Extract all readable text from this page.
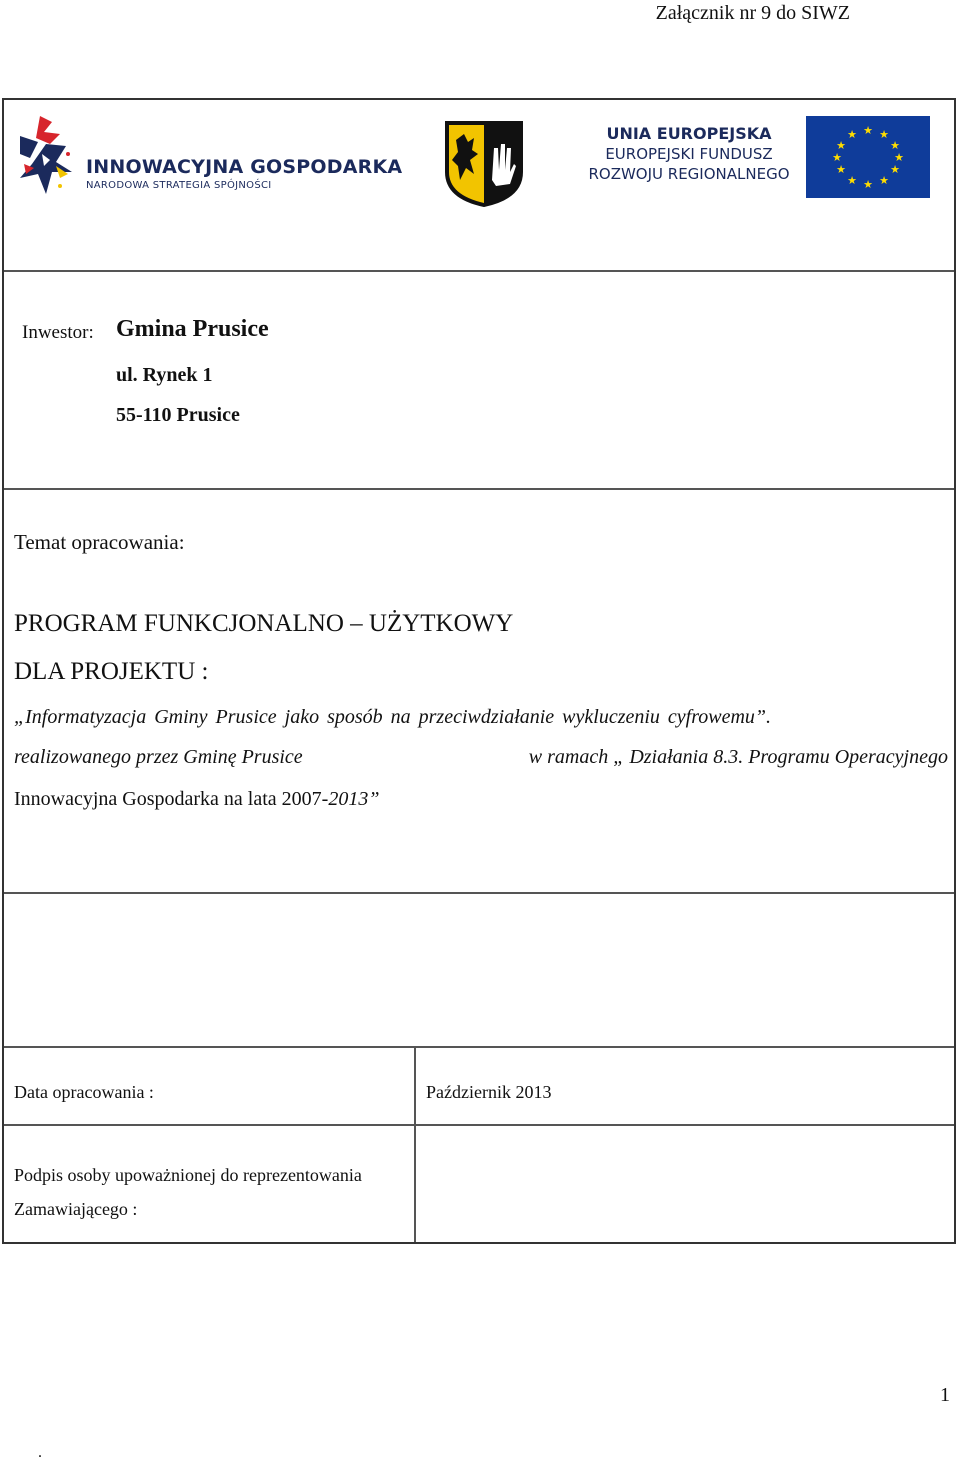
Załącznik nr 9 do SIWZ
INNOWACYJNA GOSPODARKA
NARODOWA STRATEGIA SPÓJNOŚCI
UNIA EUROPEJSKA
EUROPEJSKI FUNDUSZ
ROZWOJU REGIONALNEGO
★ ★
★
★
★
★
★
★
★
★
★
★
Inwestor: Gmina Prusice
ul. Rynek 1
55-110 Prusice
Temat opracowania:
PROGRAM FUNKCJONALNO – UŻYTKOWY
DLA PROJEKTU :
„Informatyzacja Gminy Prusice jako sposób na przeciwdziałanie wykluczeniu cyfrowemu”.
realizowanego przez Gminę Prusice	w ramach „ Działania 8.3. Programu Operacyjnego
Innowacyjna Gospodarka na lata 2007-2013”
Data opracowania :	Październik 2013
Podpis osoby upoważnionej do reprezentowania
Zamawiającego :
1
.
